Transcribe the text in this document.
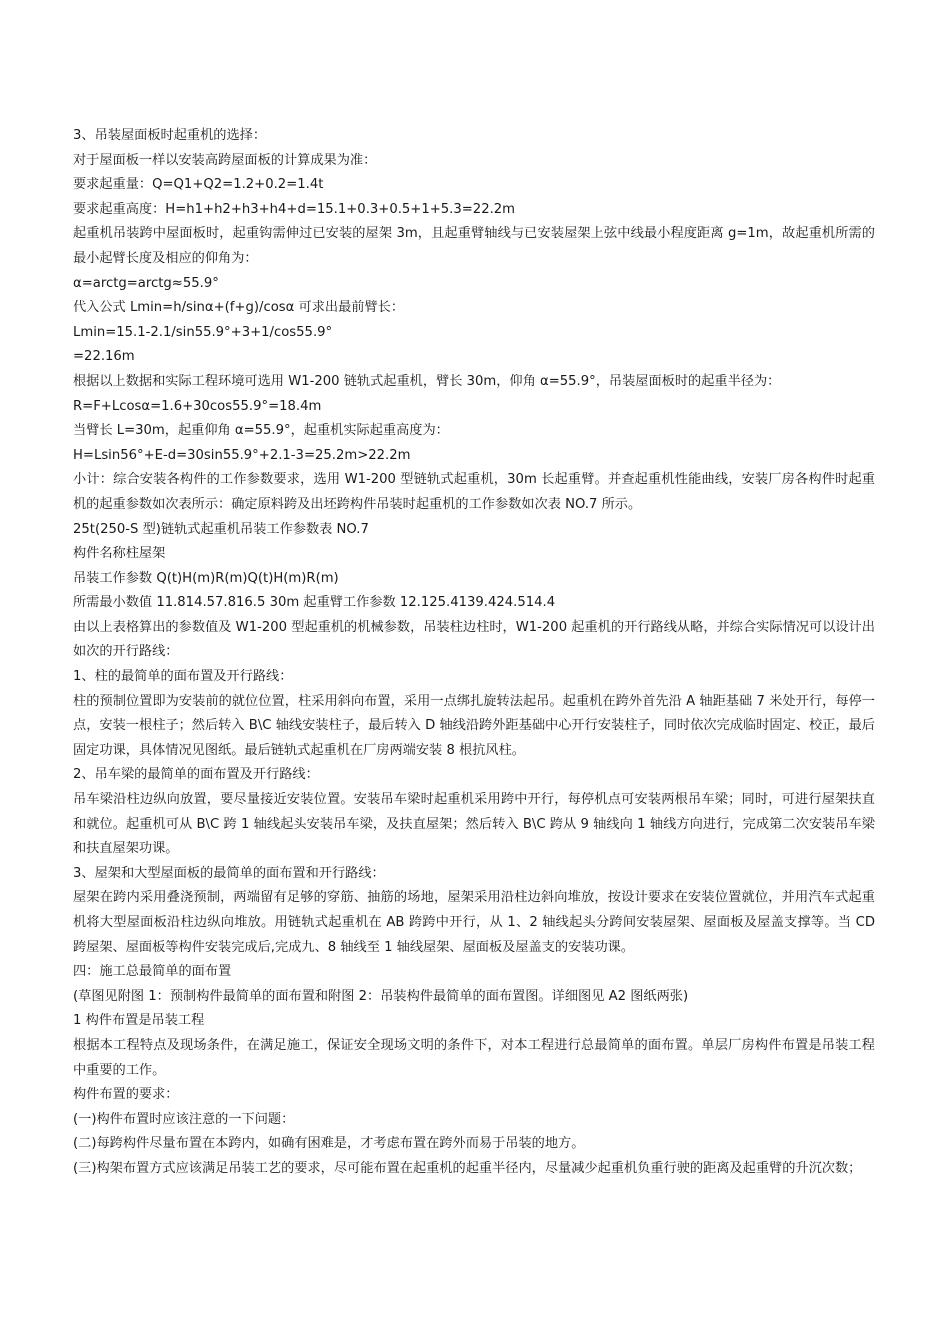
3、吊装屋面板时起重机的选择：

对于屋面板一样以安装高跨屋面板的计算成果为准：

要求起重量：Q=Q1+Q2=1.2+0.2=1.4t

要求起重高度：H=h1+h2+h3+h4+d=15.1+0.3+0.5+1+5.3=22.2m

起重机吊装跨中屋面板时，起重钩需伸过已安装的屋架 3m，且起重臂轴线与已安装屋架上弦中线最小程度距离 g=1m，故起重机所需的最小起臂长度及相应的仰角为：

α=arctg=arctg≈55.9°

代入公式 Lmin=h/sinα+(f+g)/cosα 可求出最前臂长：

Lmin=15.1-2.1/sin55.9°+3+1/cos55.9°

=22.16m

根据以上数据和实际工程环境可选用 W1-200 链轨式起重机，臂长 30m，仰角 α=55.9°，吊装屋面板时的起重半径为：

R=F+Lcosα=1.6+30cos55.9°=18.4m

当臂长 L=30m，起重仰角 α=55.9°，起重机实际起重高度为：

H=Lsin56°+E-d=30sin55.9°+2.1-3=25.2m>22.2m

小计：综合安装各构件的工作参数要求，选用 W1-200 型链轨式起重机，30m 长起重臂。并查起重机性能曲线，安装厂房各构件时起重机的起重参数如次表所示：确定原料跨及出坯跨构件吊装时起重机的工作参数如次表 NO.7 所示。

25t(250-S 型)链轨式起重机吊装工作参数表 NO.7

构件名称柱屋架

吊装工作参数 Q(t)H(m)R(m)Q(t)H(m)R(m)

所需最小数值 11.814.57.816.5 30m 起重臂工作参数 12.125.4139.424.514.4

由以上表格算出的参数值及 W1-200 型起重机的机械参数，吊装柱边柱时，W1-200 起重机的开行路线从略，并综合实际情况可以设计出如次的开行路线：

1、柱的最简单的面布置及开行路线：

柱的预制位置即为安装前的就位位置，柱采用斜向布置，采用一点绑扎旋转法起吊。起重机在跨外首先沿 A 轴距基础 7 米处开行，每停一点，安装一根柱子；然后转入 B\C 轴线安装柱子，最后转入 D 轴线沿跨外距基础中心开行安装柱子，同时依次完成临时固定、校正，最后固定功课，具体情况见图纸。最后链轨式起重机在厂房两端安装 8 根抗风柱。

2、吊车梁的最简单的面布置及开行路线：

吊车梁沿柱边纵向放置，要尽量接近安装位置。安装吊车梁时起重机采用跨中开行，每停机点可安装两根吊车梁；同时，可进行屋架扶直和就位。起重机可从 B\C 跨 1 轴线起头安装吊车梁，及扶直屋架；然后转入 B\C 跨从 9 轴线向 1 轴线方向进行，完成第二次安装吊车梁和扶直屋架功课。

3、屋架和大型屋面板的最简单的面布置和开行路线：

屋架在跨内采用叠浇预制，两端留有足够的穿筋、抽筋的场地，屋架采用沿柱边斜向堆放，按设计要求在安装位置就位，并用汽车式起重机将大型屋面板沿柱边纵向堆放。用链轨式起重机在 AB 跨跨中开行，从 1、2 轴线起头分跨间安装屋架、屋面板及屋盖支撑等。当 CD 跨屋架、屋面板等构件安装完成后,完成九、8 轴线至 1 轴线屋架、屋面板及屋盖支的安装功课。

四：施工总最简单的面布置

(草图见附图 1：预制构件最简单的面布置和附图 2：吊装构件最简单的面布置图。详细图见 A2 图纸两张)

1 构件布置是吊装工程

根据本工程特点及现场条件，在满足施工，保证安全现场文明的条件下，对本工程进行总最简单的面布置。单层厂房构件布置是吊装工程中重要的工作。

构件布置的要求：

(一)构件布置时应该注意的一下问题：

(二)每跨构件尽量布置在本跨内，如确有困难是，才考虑布置在跨外而易于吊装的地方。

(三)构架布置方式应该满足吊装工艺的要求，尽可能布置在起重机的起重半径内，尽量减少起重机负重行驶的距离及起重臂的升沉次数；
